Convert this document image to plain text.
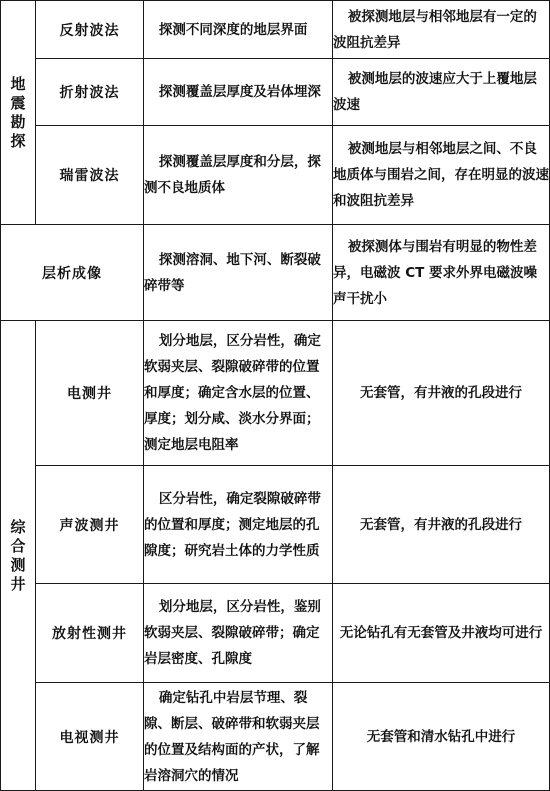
地震勘探	反射波法	探测不同深度的地层界面	被探测地层与相邻地层有一定的波阻抗差异
	折射波法	探测覆盖层厚度及岩体埋深	被测地层的波速应大于上覆地层波速
	瑞雷波法	探测覆盖层厚度和分层，探测不良地质体	被测地层与相邻地层之间、不良地质体与围岩之间，存在明显的波速和波阻抗差异
层析成像		探测溶洞、地下河、断裂破碎带等	被探测体与围岩有明显的物性差异，电磁波 CT 要求外界电磁波噪声干扰小
综合测井	电测井	划分地层，区分岩性，确定软弱夹层、裂隙破碎带的位置和厚度；确定含水层的位置、厚度；划分咸、淡水分界面；测定地层电阻率	无套管，有井液的孔段进行
	声波测井	区分岩性，确定裂隙破碎带的位置和厚度；测定地层的孔隙度；研究岩土体的力学性质	无套管，有井液的孔段进行
	放射性测井	划分地层，区分岩性，鉴别软弱夹层、裂隙破碎带；确定岩层密度、孔隙度	无论钻孔有无套管及井液均可进行
	电视测井	确定钻孔中岩层节理、裂隙、断层、破碎带和软弱夹层的位置及结构面的产状，了解岩溶洞穴的情况	无套管和清水钻孔中进行
